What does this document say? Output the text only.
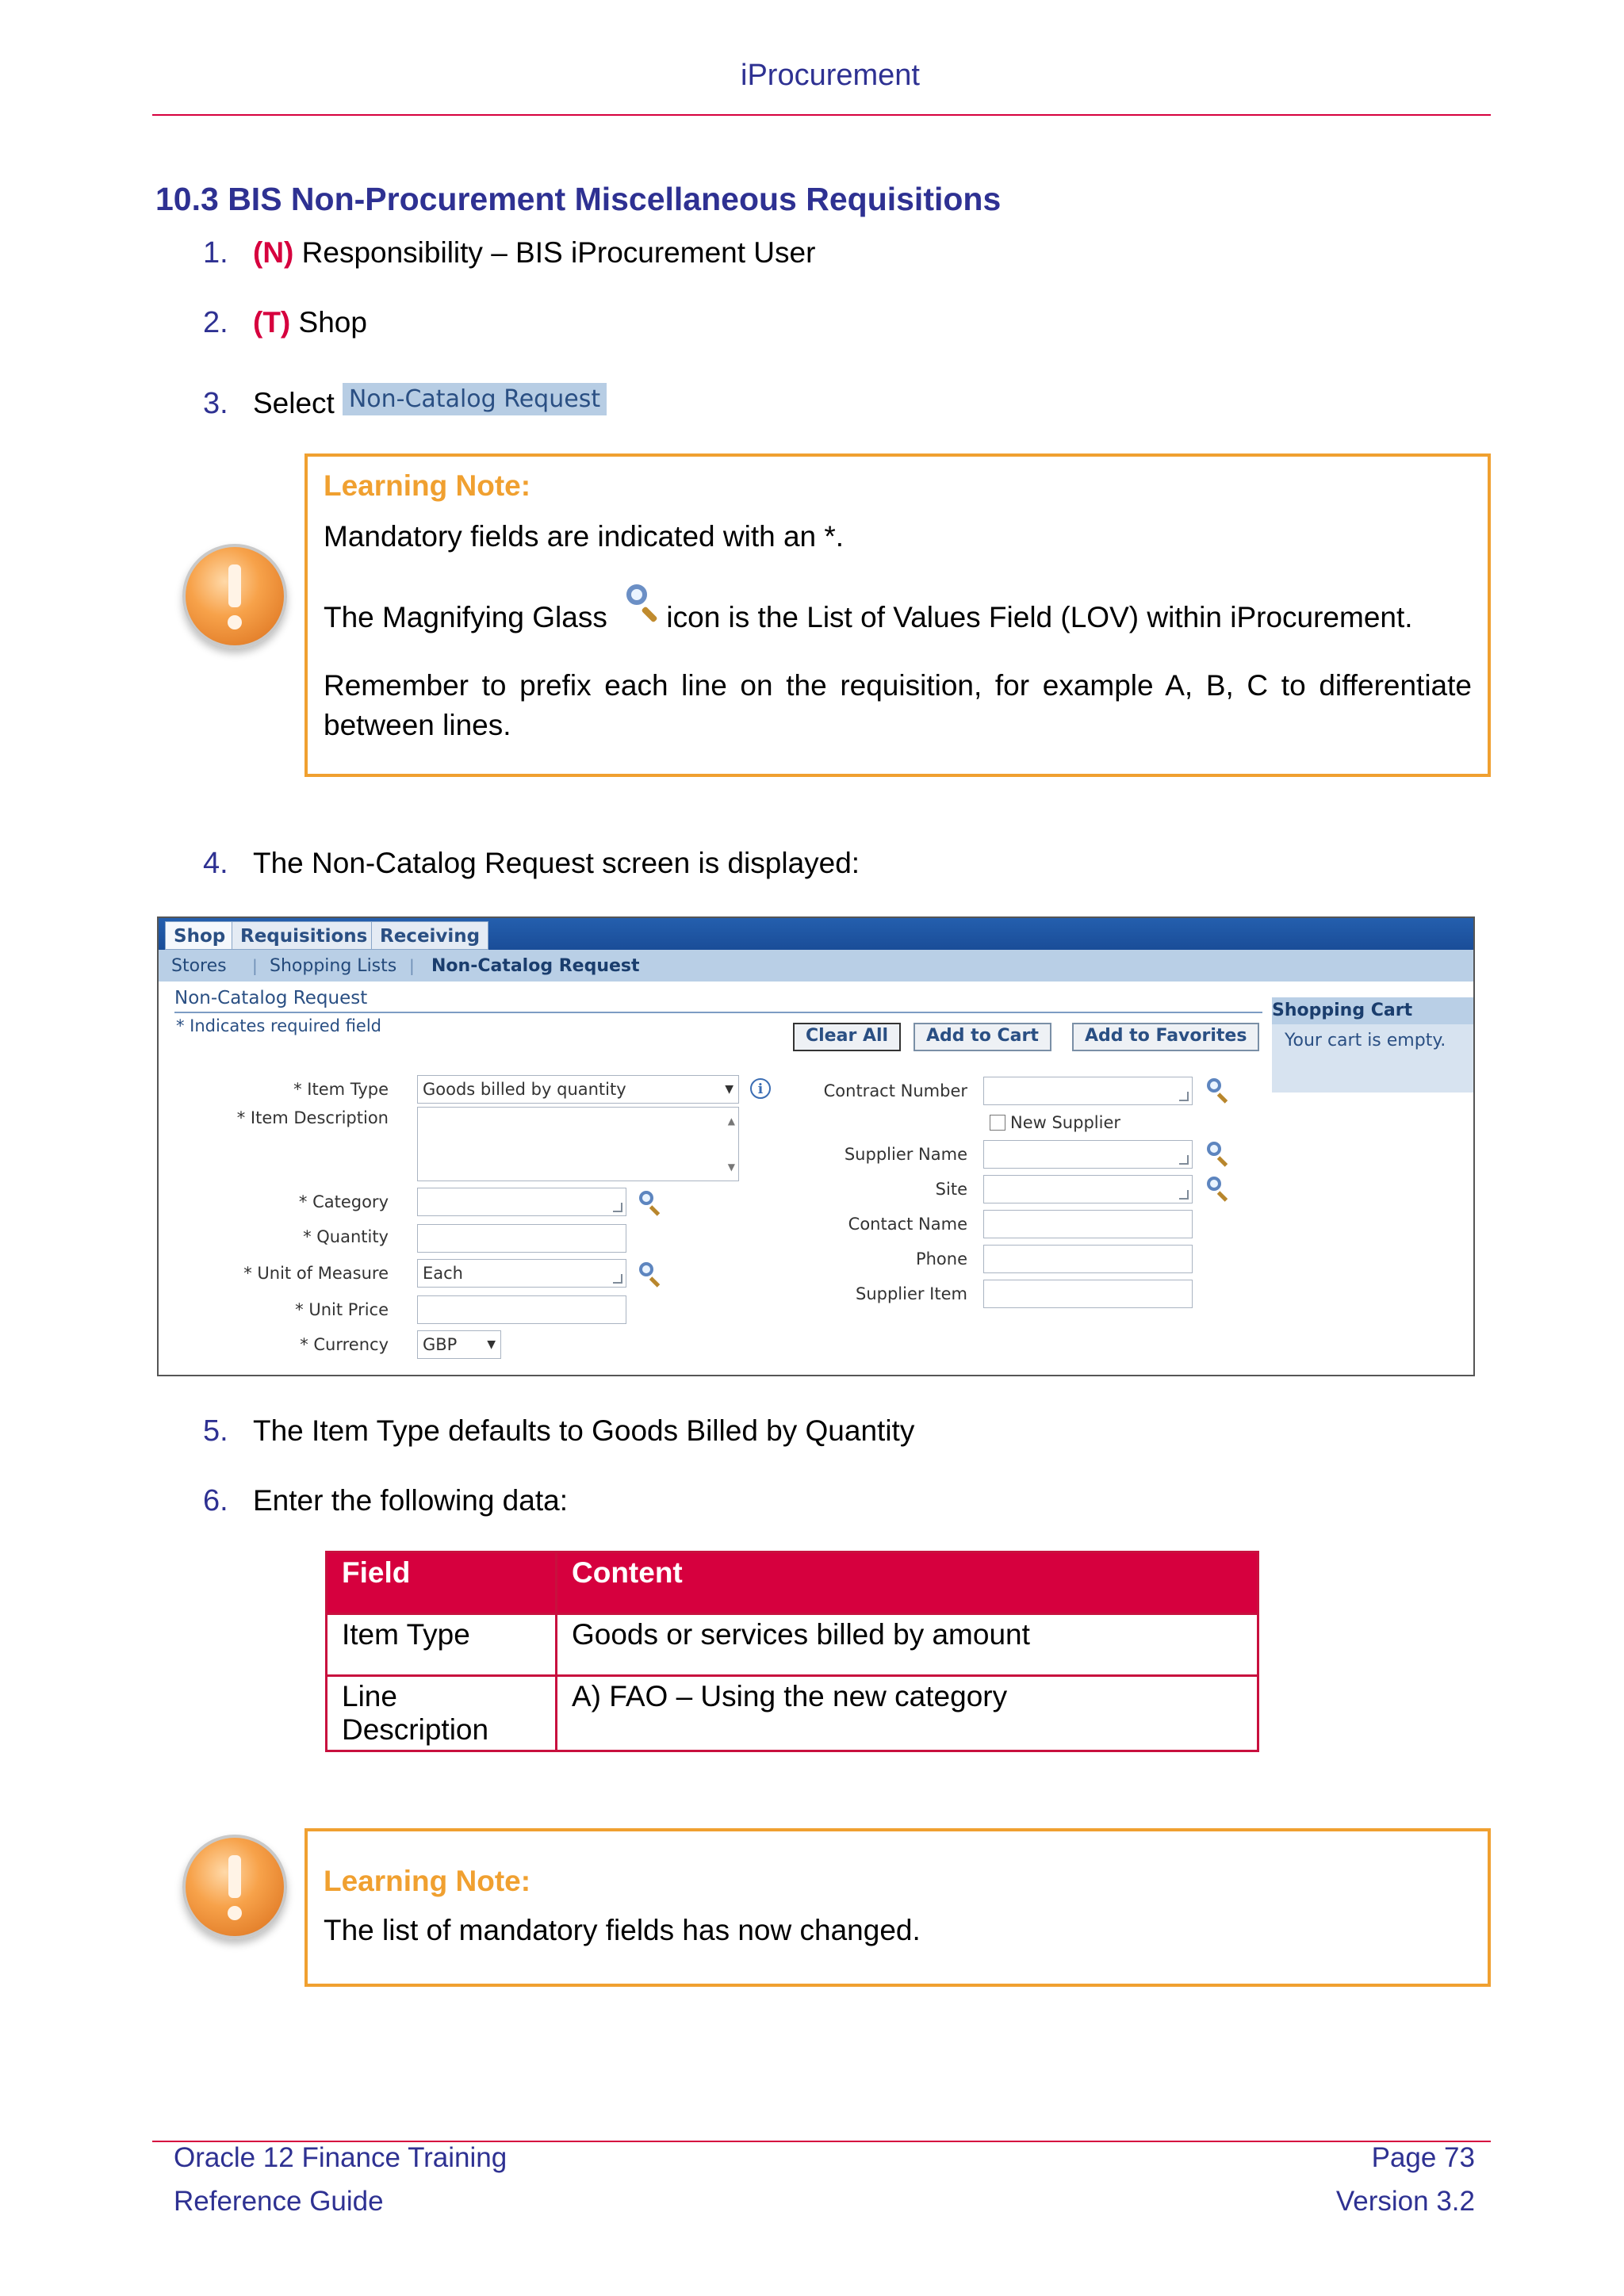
iProcurement
10.3 BIS Non-Procurement Miscellaneous Requisitions
1. (N) Responsibility – BIS iProcurement User
2. (T) Shop
3. Select Non-Catalog Request
Learning Note:
Mandatory fields are indicated with an *.
The Magnifying Glass icon is the List of Values Field (LOV) within iProcurement.
Remember to prefix each line on the requisition, for example A, B, C to differentiate between lines.
4. The Non-Catalog Request screen is displayed:
Shop Requisitions Receiving
Stores | Shopping Lists | Non-Catalog Request
Non-Catalog Request
* Indicates required field	Clear All	Add to Cart	Add to Favorites
Shopping Cart
Your cart is empty.
* Item Type	Goods billed by quantity ▼	i
* Item Description	▲
▼
* Category
* Quantity
* Unit of Measure	Each
* Unit Price
* Currency	GBP ▼
Contract Number
New Supplier
Supplier Name
Site
Contact Name
Phone
Supplier Item
5. The Item Type defaults to Goods Billed by Quantity
6. Enter the following data:
Field	Content
Item Type	Goods or services billed by amount
Line Description	A) FAO – Using the new category
Learning Note:
The list of mandatory fields has now changed.
Oracle 12 Finance Training
Reference Guide
Page 73
Version 3.2
